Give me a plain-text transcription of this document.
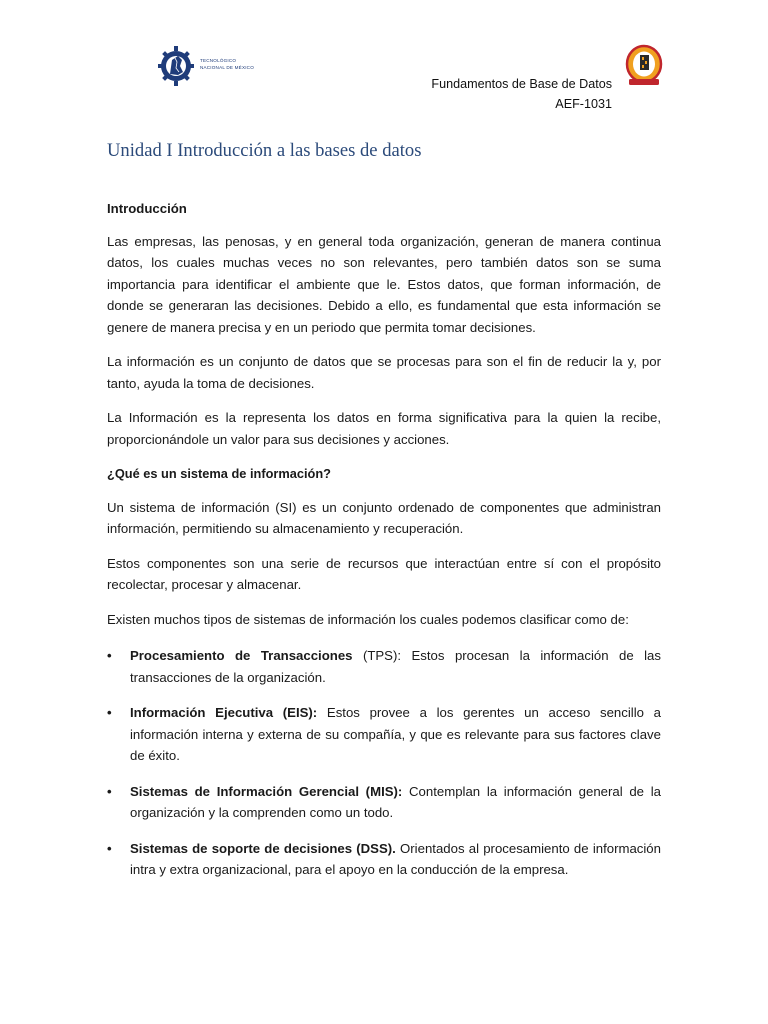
TECNOLÓGICO
NACIONAL DE MÉXICO
Fundamentos de Base de Datos
AEF-1031
Unidad I Introducción a las bases de datos

Introducción

Las empresas, las penosas, y en general toda organización, generan de manera continua datos, los cuales muchas veces no son relevantes, pero también datos son se suma importancia para identificar el ambiente que le. Estos datos, que forman información, de donde se generaran las decisiones. Debido a ello, es fundamental que esta información se genere de manera precisa y en un periodo que permita tomar decisiones.

La información es un conjunto de datos que se procesas para son el fin de reducir la y, por tanto, ayuda la toma de decisiones.

La Información es la representa los datos en forma significativa para la quien la recibe, proporcionándole un valor para sus decisiones y acciones.

¿Qué es un sistema de información?

Un sistema de información (SI) es un conjunto ordenado de componentes que administran información, permitiendo su almacenamiento y recuperación.

Estos componentes son una serie de recursos que interactúan entre sí con el propósito recolectar, procesar y almacenar.

Existen muchos tipos de sistemas de información los cuales podemos clasificar como de:

• Procesamiento de Transacciones (TPS): Estos procesan la información de las transacciones de la organización.
• Información Ejecutiva (EIS): Estos provee a los gerentes un acceso sencillo a información interna y externa de su compañía, y que es relevante para sus factores clave de éxito.
• Sistemas de Información Gerencial (MIS): Contemplan la información general de la organización y la comprenden como un todo.
• Sistemas de soporte de decisiones (DSS). Orientados al procesamiento de información intra y extra organizacional, para el apoyo en la conducción de la empresa.
